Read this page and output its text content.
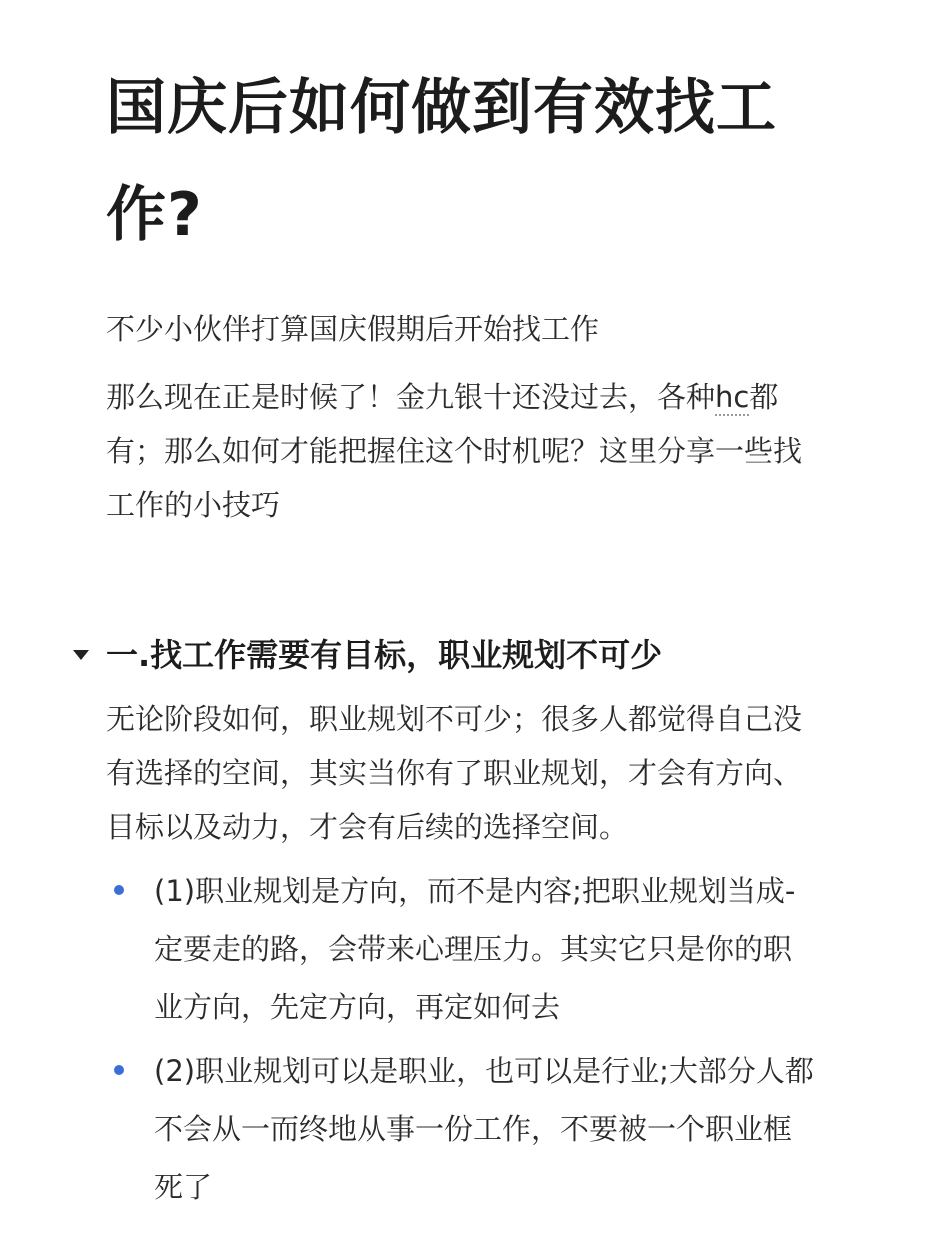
国庆后如何做到有效找工作?

不少小伙伴打算国庆假期后开始找工作

那么现在正是时候了！金九银十还没过去，各种hc都有；那么如何才能把握住这个时机呢？这里分享一些找工作的小技巧

一.找工作需要有目标，职业规划不可少

无论阶段如何，职业规划不可少；很多人都觉得自己没有选择的空间，其实当你有了职业规划，才会有方向、目标以及动力，才会有后续的选择空间。

(1)职业规划是方向，而不是内容;把职业规划当成-定要走的路，会带来心理压力。其实它只是你的职业方向，先定方向，再定如何去
(2)职业规划可以是职业，也可以是行业;大部分人都不会从一而终地从事一份工作，不要被一个职业框死了
